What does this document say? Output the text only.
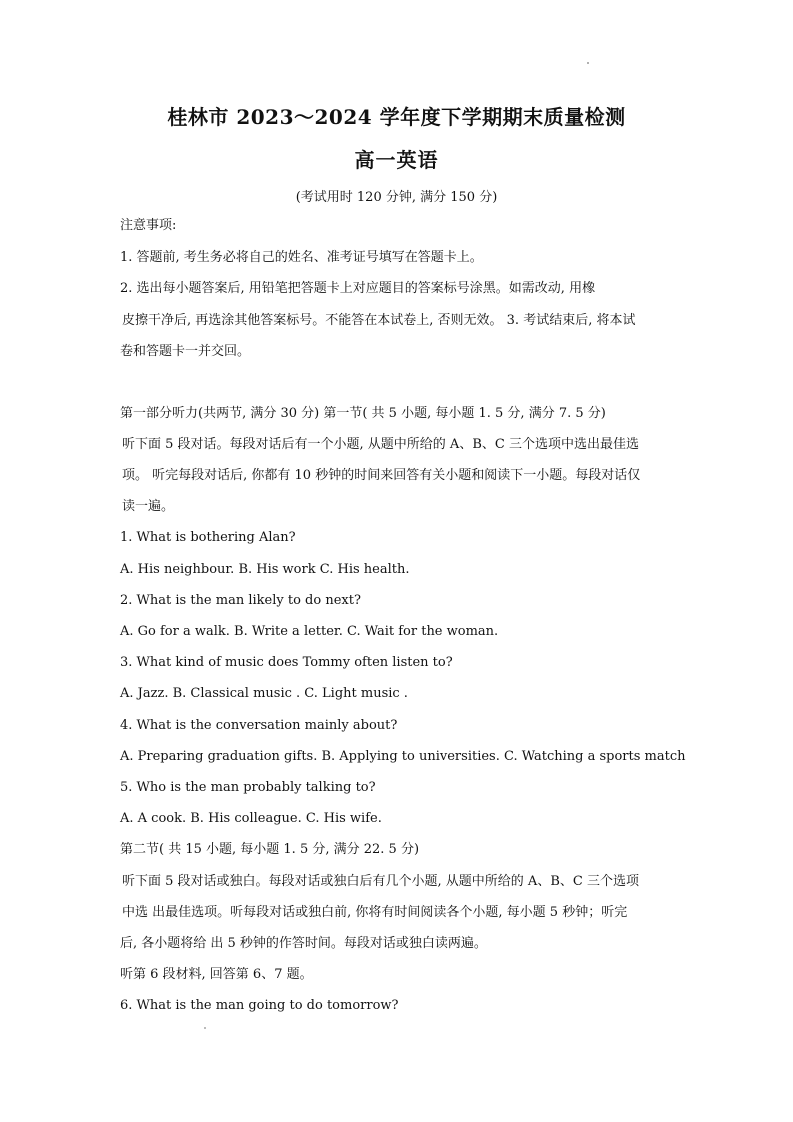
桂林市 2023～2024 学年度下学期期末质量检测
高一英语
(考试用时 120 分钟, 满分 150 分)
注意事项:
1. 答题前, 考生务必将自己的姓名、准考证号填写在答题卡上。
2. 选出每小题答案后, 用铅笔把答题卡上对应题目的答案标号涂黑。如需改动, 用橡
皮擦干净后, 再选涂其他答案标号。不能答在本试卷上, 否则无效。 3. 考试结束后, 将本试
卷和答题卡一并交回。
第一部分听力(共两节, 满分 30 分) 第一节( 共 5 小题, 每小题 1. 5 分, 满分 7. 5 分)
听下面 5 段对话。每段对话后有一个小题, 从题中所给的 A、B、C 三个选项中选出最佳选
项。 听完每段对话后, 你都有 10 秒钟的时间来回答有关小题和阅读下一小题。每段对话仅
读一遍。
1. What is bothering Alan?
A. His neighbour. B. His work C. His health.
2. What is the man likely to do next?
A. Go for a walk. B. Write a letter. C. Wait for the woman.
3. What kind of music does Tommy often listen to?
A. Jazz. B. Classical music . C. Light music .
4. What is the conversation mainly about?
A. Preparing graduation gifts. B. Applying to universities. C. Watching a sports match
5. Who is the man probably talking to?
A. A cook. B. His colleague. C. His wife.
第二节( 共 15 小题, 每小题 1. 5 分, 满分 22. 5 分)
听下面 5 段对话或独白。每段对话或独白后有几个小题, 从题中所给的 A、B、C 三个选项
中选 出最佳选项。听每段对话或独白前, 你将有时间阅读各个小题, 每小题 5 秒钟；听完
后, 各小题将给 出 5 秒钟的作答时间。每段对话或独白读两遍。
听第 6 段材料, 回答第 6、7 题。
6. What is the man going to do tomorrow?
